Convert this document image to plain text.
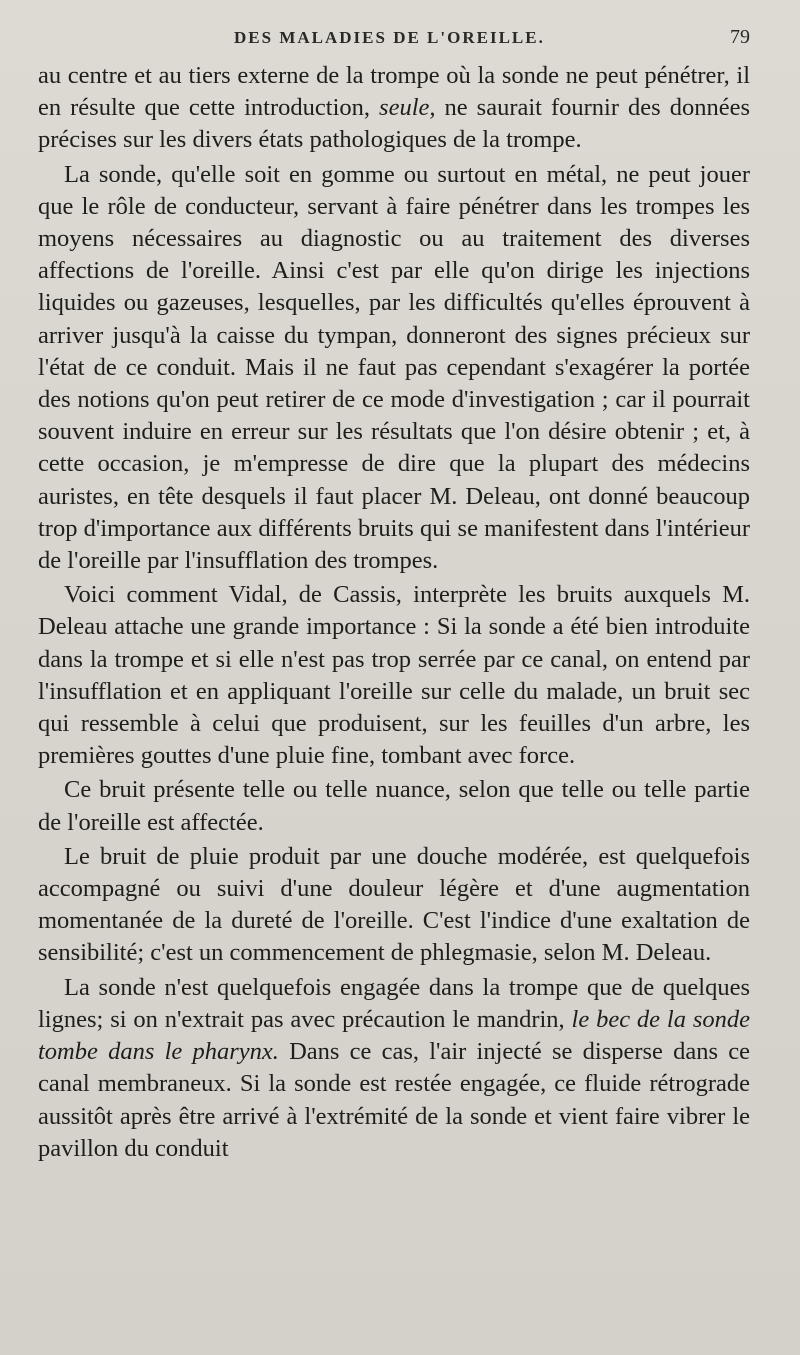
DES MALADIES DE L'OREILLE.	79

au centre et au tiers externe de la trompe où la sonde ne peut pénétrer, il en résulte que cette introduction, seule, ne saurait fournir des données précises sur les divers états pathologiques de la trompe.

La sonde, qu'elle soit en gomme ou surtout en métal, ne peut jouer que le rôle de conducteur, servant à faire pénétrer dans les trompes les moyens nécessaires au diagnostic ou au traitement des diverses affections de l'oreille. Ainsi c'est par elle qu'on dirige les injections liquides ou gazeuses, lesquelles, par les difficultés qu'elles éprouvent à arriver jusqu'à la caisse du tympan, donneront des signes précieux sur l'état de ce conduit. Mais il ne faut pas cependant s'exagérer la portée des notions qu'on peut retirer de ce mode d'investigation ; car il pourrait souvent induire en erreur sur les résultats que l'on désire obtenir ; et, à cette occasion, je m'empresse de dire que la plupart des médecins auristes, en tête desquels il faut placer M. Deleau, ont donné beaucoup trop d'importance aux différents bruits qui se manifestent dans l'intérieur de l'oreille par l'insufflation des trompes.

Voici comment Vidal, de Cassis, interprète les bruits auxquels M. Deleau attache une grande importance : Si la sonde a été bien introduite dans la trompe et si elle n'est pas trop serrée par ce canal, on entend par l'insufflation et en appliquant l'oreille sur celle du malade, un bruit sec qui ressemble à celui que produisent, sur les feuilles d'un arbre, les premières gouttes d'une pluie fine, tombant avec force.

Ce bruit présente telle ou telle nuance, selon que telle ou telle partie de l'oreille est affectée.

Le bruit de pluie produit par une douche modérée, est quelquefois accompagné ou suivi d'une douleur légère et d'une augmentation momentanée de la dureté de l'oreille. C'est l'indice d'une exaltation de sensibilité; c'est un commencement de phlegmasie, selon M. Deleau.

La sonde n'est quelquefois engagée dans la trompe que de quelques lignes; si on n'extrait pas avec précaution le mandrin, le bec de la sonde tombe dans le pharynx. Dans ce cas, l'air injecté se disperse dans ce canal membraneux. Si la sonde est restée engagée, ce fluide rétrograde aussitôt après être arrivé à l'extrémité de la sonde et vient faire vibrer le pavillon du conduit
